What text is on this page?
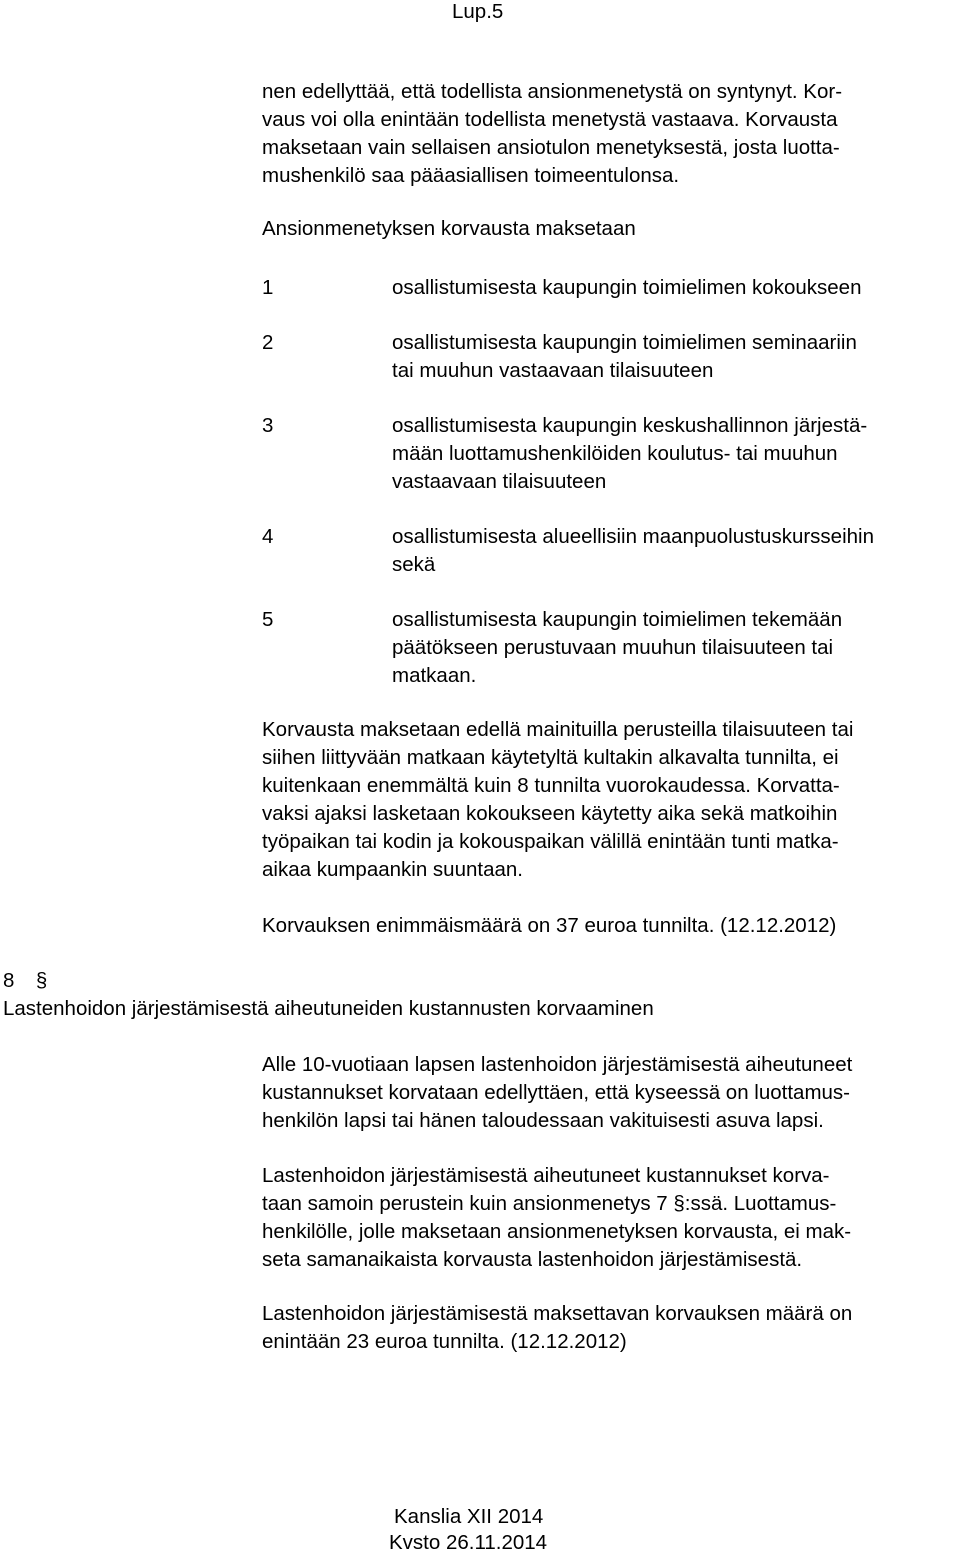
Lup.5
nen edellyttää, että todellista ansionmenetystä on syntynyt. Kor-
vaus voi olla enintään todellista menetystä vastaava. Korvausta
maksetaan vain sellaisen ansiotulon menetyksestä, josta luotta-
mushenkilö saa pääasiallisen toimeentulonsa.
Ansionmenetyksen korvausta maksetaan
1	osallistumisesta kaupungin toimielimen kokoukseen
2	osallistumisesta kaupungin toimielimen seminaariin
tai muuhun vastaavaan tilaisuuteen
3	osallistumisesta kaupungin keskushallinnon järjestä-
mään luottamushenkilöiden koulutus- tai muuhun
vastaavaan tilaisuuteen
4	osallistumisesta alueellisiin maanpuolustuskursseihin
sekä
5	osallistumisesta kaupungin toimielimen tekemään
päätökseen perustuvaan muuhun tilaisuuteen tai
matkaan.
Korvausta maksetaan edellä mainituilla perusteilla tilaisuuteen tai
siihen liittyvään matkaan käytetyltä kultakin alkavalta tunnilta, ei
kuitenkaan enemmältä kuin 8 tunnilta vuorokaudessa. Korvatta-
vaksi ajaksi lasketaan kokoukseen käytetty aika sekä matkoihin
työpaikan tai kodin ja kokouspaikan välillä enintään tunti matka-
aikaa kumpaankin suuntaan.
Korvauksen enimmäismäärä on 37 euroa tunnilta. (12.12.2012)
8 §
Lastenhoidon järjestämisestä aiheutuneiden kustannusten korvaaminen
Alle 10-vuotiaan lapsen lastenhoidon järjestämisestä aiheutuneet
kustannukset korvataan edellyttäen, että kyseessä on luottamus-
henkilön lapsi tai hänen taloudessaan vakituisesti asuva lapsi.
Lastenhoidon järjestämisestä aiheutuneet kustannukset korva-
taan samoin perustein kuin ansionmenetys 7 §:ssä. Luottamus-
henkilölle, jolle maksetaan ansionmenetyksen korvausta, ei mak-
seta samanaikaista korvausta lastenhoidon järjestämisestä.
Lastenhoidon järjestämisestä maksettavan korvauksen määrä on
enintään 23 euroa tunnilta. (12.12.2012)
Kanslia XII 2014
Kvsto 26.11.2014
